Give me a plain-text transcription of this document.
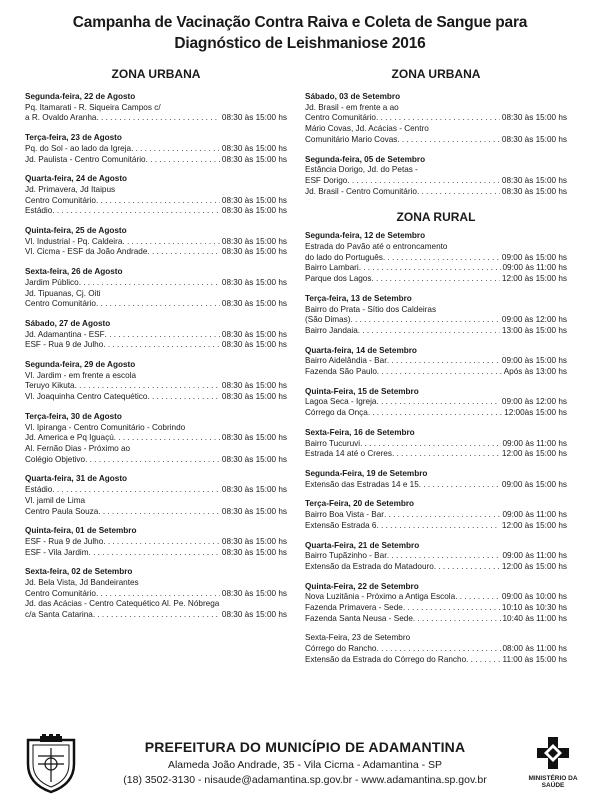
Campanha de Vacinação Contra Raiva e Coleta de Sangue para
Diagnóstico de Leishmaniose 2016
ZONA URBANA
Segunda-feira, 22 de Agosto
Pq. Itamarati - R. Siqueira Campos c/
a R. Ovaldo Aranha . . .	08:30 às 15:00 hs
Terça-feira, 23 de Agosto
Pq. do Sol - ao lado da Igreja . . .	08:30 às 15:00 hs
Jd. Paulista - Centro Comunitário . . .	08:30 às 15:00 hs
Quarta-feira, 24 de Agosto
Jd. Primavera, Jd Itaipus
Centro Comunitário . . .	08:30 às 15:00 hs
Estádio . . .	08:30 às 15:00 hs
Quinta-feira, 25 de Agosto
Vl. Industrial - Pq. Caldeira . . .	08:30 às 15:00 hs
Vl. Cicma - ESF da João Andrade . . .	08:30 às 15:00 hs
Sexta-feira, 26 de Agosto
Jardim Público . . .	08:30 às 15:00 hs
Jd. Tipuanas, Cj. Oiti
Centro Comunitário . . .	08:30 às 15:00 hs
Sábado, 27 de Agosto
Jd. Adamantina - ESF . . .	08:30 às 15:00 hs
ESF - Rua 9 de Julho . . .	08:30 às 15:00 hs
Segunda-feira, 29 de Agosto
Vl. Jardim - em frente a escola
Teruyo Kikuta . . .	08:30 às 15:00 hs
Vl. Joaquinha Centro Catequético . . .	08:30 às 15:00 hs
Terça-feira, 30 de Agosto
Vl. Ipiranga - Centro Comunitário - Cobrindo
Jd. America e Pq Iguaçú . . .	08:30 às 15:00 hs
Al. Fernão Dias - Próximo ao
Colégio Objetivo . . .	08:30 às 15:00 hs
Quarta-feira, 31 de Agosto
Estádio . . .	08:30 às 15:00 hs
Vl. jamil de Lima
Centro Paula Souza . . .	08:30 às 15:00 hs
Quinta-feira, 01 de Setembro
ESF - Rua 9 de Julho . . .	08:30 às 15:00 hs
ESF - Vila Jardim . . .	08:30 às 15:00 hs
Sexta-feira, 02 de Setembro
Jd. Bela Vista, Jd Bandeirantes
Centro Comunitário . . .	08:30 às 15:00 hs
Jd. das Acácias - Centro Catequético Al. Pe. Nóbrega
c/a Santa Catarina . . .	08:30 às 15:00 hs
ZONA URBANA
Sábado, 03 de Setembro
Jd. Brasil - em frente a ao
Centro Comunitário . . .	08:30 às 15:00 hs
Mário Covas, Jd. Acácias - Centro
Comunitário Mario Covas . . .	08:30 às 15:00 hs
Segunda-feira, 05 de Setembro
Estância Dorigo, Jd. do Petas -
ESF Dorigo . . .	08:30 às 15:00 hs
Jd. Brasil - Centro Comunitário . . .	08:30 às 15:00 hs
ZONA RURAL
Segunda-feira, 12 de Setembro
Estrada do Pavão até o entroncamento
do lado do Português . . .	09:00 às 15:00 hs
Bairro Lambari . . .	09:00 às 11:00 hs
Parque dos Lagos . . .	12:00 às 15:00 hs
Terça-feira, 13 de Setembro
Bairro do Prata - Sítio dos Caldeiras
(São Dimas) . . .	09:00 às 12:00 hs
Bairro Jandaia . . .	13:00 às 15:00 hs
Quarta-feira, 14 de Setembro
Bairro Aidelândia - Bar . . .	09:00 às 15:00 hs
Fazenda São Paulo . . .	Após às 13:00 hs
Quinta-Feira, 15 de Setembro
Lagoa Seca - Igreja . . .	09:00 às 12:00 hs
Córrego da Onça . . .	12:00às 15:00 hs
Sexta-Feira, 16 de Setembro
Bairro Tucuruvi . . .	09:00 às 11:00 hs
Estrada 14 até o Creres . . .	12:00 às 15:00 hs
Segunda-Feira, 19 de Setembro
Extensão das Estradas 14 e 15 . . .	09:00 às 15:00 hs
Terça-Feira, 20 de Setembro
Bairro Boa Vista - Bar . . .	09:00 às 11:00 hs
Extensão Estrada 6 . . .	12:00 às 15:00 hs
Quarta-Feira, 21 de Setembro
Bairro Tupãzinho - Bar . . .	09:00 às 11:00 hs
Extensão da Estrada do Matadouro . . .	12:00 às 15:00 hs
Quinta-Feira, 22 de Setembro
Nova Luzitânia - Próximo a Antiga Escola . . .	09:00 às 10:00 hs
Fazenda Primavera - Sede . . .	10:10 às 10:30 hs
Fazenda Santa Neusa - Sede . . .	10:40 às 11:00 hs
Sexta-Feira, 23 de Setembro
Córrego do Rancho . . .	08:00 às 11:00 hs
Extensão da Estrada do Córrego do Rancho . . .	11:00 às 15:00 hs
PREFEITURA DO MUNICÍPIO DE ADAMANTINA
Alameda João Andrade, 35 - Vila Cicma - Adamantina - SP
(18) 3502-3130 - nisaude@adamantina.sp.gov.br - www.adamantina.sp.gov.br	MINISTÉRIO DA SAÚDE
